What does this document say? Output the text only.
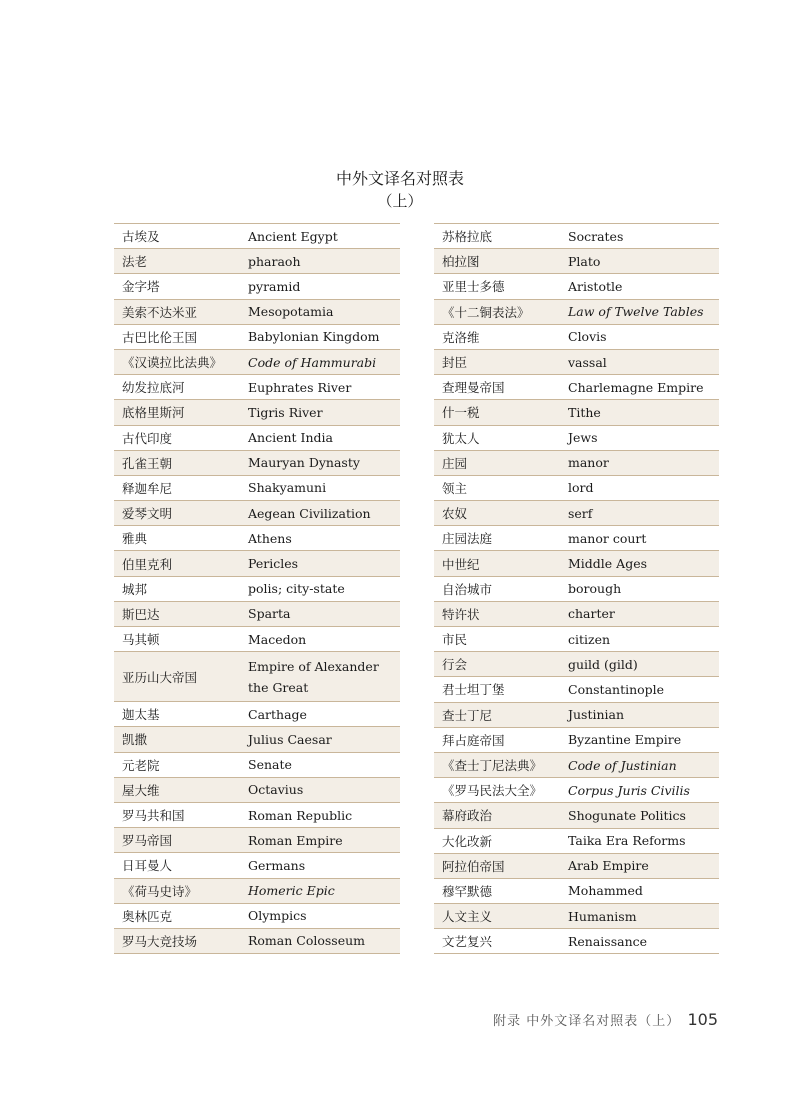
中外文译名对照表
（上）
古埃及	Ancient Egypt
法老	pharaoh
金字塔	pyramid
美索不达米亚	Mesopotamia
古巴比伦王国	Babylonian Kingdom
《汉谟拉比法典》	Code of Hammurabi
幼发拉底河	Euphrates River
底格里斯河	Tigris River
古代印度	Ancient India
孔雀王朝	Mauryan Dynasty
释迦牟尼	Shakyamuni
爱琴文明	Aegean Civilization
雅典	Athens
伯里克利	Pericles
城邦	polis; city-state
斯巴达	Sparta
马其顿	Macedon
亚历山大帝国	Empire of Alexander the Great
迦太基	Carthage
凯撒	Julius Caesar
元老院	Senate
屋大维	Octavius
罗马共和国	Roman Republic
罗马帝国	Roman Empire
日耳曼人	Germans
《荷马史诗》	Homeric Epic
奥林匹克	Olympics
罗马大竞技场	Roman Colosseum
苏格拉底	Socrates
柏拉图	Plato
亚里士多德	Aristotle
《十二铜表法》	Law of Twelve Tables
克洛维	Clovis
封臣	vassal
查理曼帝国	Charlemagne Empire
什一税	Tithe
犹太人	Jews
庄园	manor
领主	lord
农奴	serf
庄园法庭	manor court
中世纪	Middle Ages
自治城市	borough
特许状	charter
市民	citizen
行会	guild (gild)
君士坦丁堡	Constantinople
查士丁尼	Justinian
拜占庭帝国	Byzantine Empire
《查士丁尼法典》	Code of Justinian
《罗马民法大全》	Corpus Juris Civilis
幕府政治	Shogunate Politics
大化改新	Taika Era Reforms
阿拉伯帝国	Arab Empire
穆罕默德	Mohammed
人文主义	Humanism
文艺复兴	Renaissance
附录 中外文译名对照表（上） 105
